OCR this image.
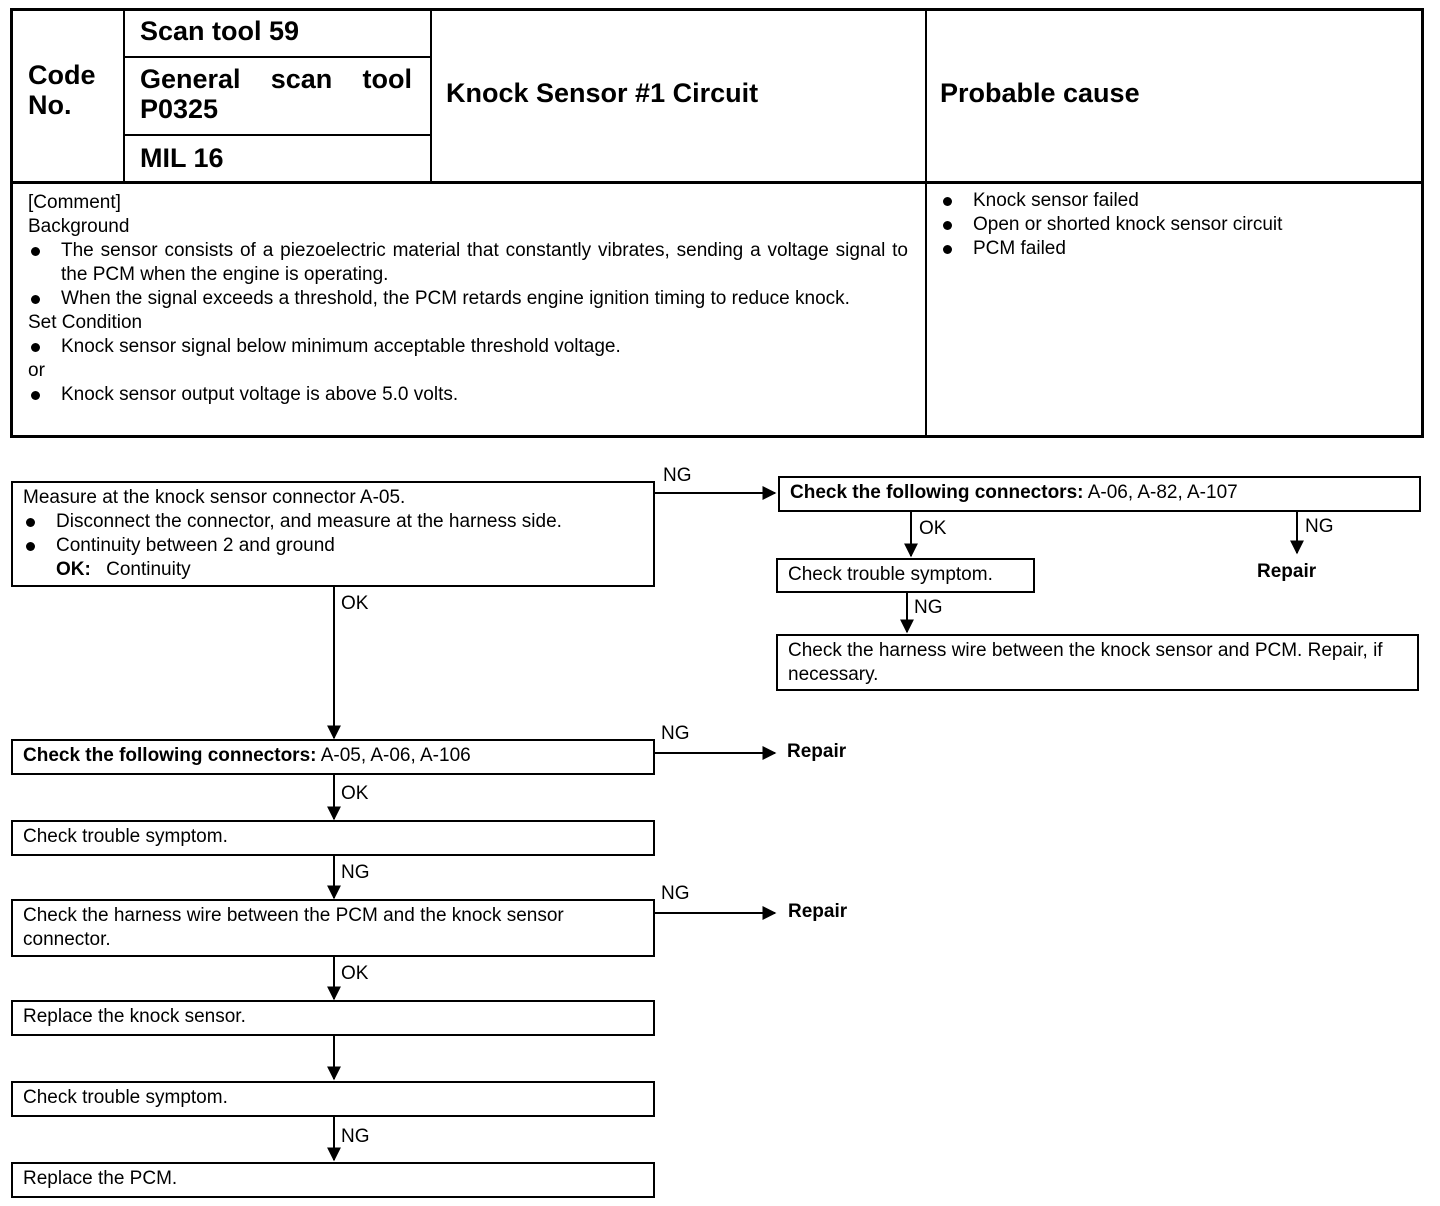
Code No.
Scan tool 59
General scan tool P0325
MIL 16
Knock Sensor #1 Circuit	Probable cause
[Comment]
Background
The sensor consists of a piezoelectric material that constantly vibrates, sending a voltage signal to the PCM when the engine is operating.
When the signal exceeds a threshold, the PCM retards engine ignition timing to reduce knock.
Set Condition
Knock sensor signal below minimum acceptable threshold voltage.
or
Knock sensor output voltage is above 5.0 volts.
Knock sensor failed
Open or shorted knock sensor circuit
PCM failed
Measure at the knock sensor connector A-05.
Disconnect the connector, and measure at the harness side.
Continuity between 2 and ground
OK: Continuity
Check the following connectors: A-06, A-82, A-107
Check trouble symptom.
Check the harness wire between the knock sensor and PCM. Repair, if necessary.
Check the following connectors: A-05, A-06, A-106
Check trouble symptom.
Check the harness wire between the PCM and the knock sensor connector.
Replace the knock sensor.
Check trouble symptom.
Replace the PCM.
NG
OK	NG
Repair
NG
OK
NG
Repair
OK
NG
NG
Repair
OK
NG
